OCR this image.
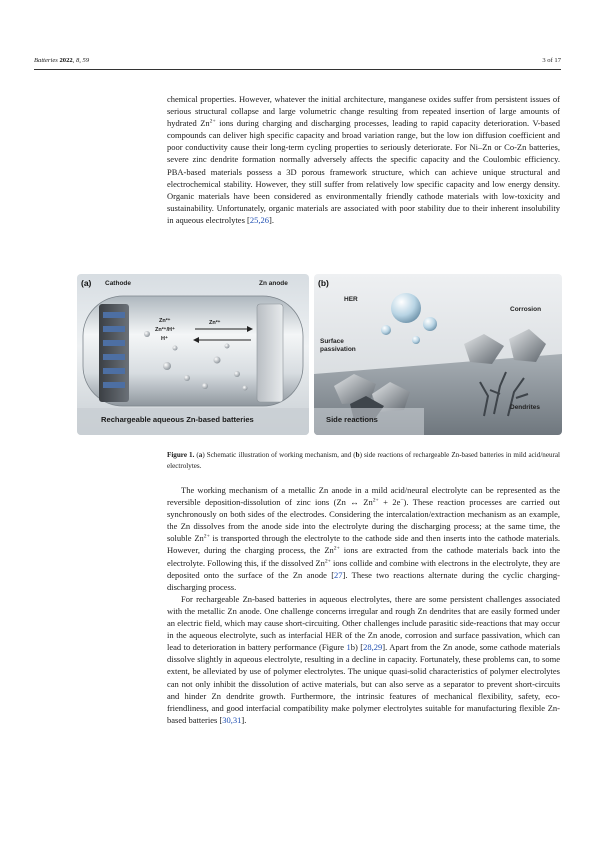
Batteries 2022, 8, 59	3 of 17

chemical properties. However, whatever the initial architecture, manganese oxides suffer from persistent issues of serious structural collapse and large volumetric change resulting from repeated insertion of large amounts of hydrated $Zn^{2+}$ ions during charging and discharging processes, leading to rapid capacity deterioration. V-based compounds can deliver high specific capacity and broad variation range, but the low ion diffusion coefficient and poor conductivity cause their long-term cycling properties to seriously deteriorate. For Ni–Zn or Co-Zn batteries, severe zinc dendrite formation normally adversely affects the specific capacity and the Coulombic efficiency. PBA-based materials possess a 3D porous framework structure, which can achieve unique structural and electrochemical stability. However, they still suffer from relatively low specific capacity and low energy density. Organic materials have been considered as environmentally friendly cathode materials with low-toxicity and sustainability. Unfortunately, organic materials are associated with poor stability due to their inherent insolubility in aqueous electrolytes [25,26].

(a) Cathode	Zn anode
Zn²⁺
Zn²⁺/H⁺
H⁺
Zn²⁺
Rechargeable aqueous Zn-based batteries
(b)
HER
Corrosion
Surface
passivation
Dendrites
Side reactions
Figure 1. (a) Schematic illustration of working mechanism, and (b) side reactions of rechargeable Zn-based batteries in mild acid/neural electrolytes.

The working mechanism of a metallic Zn anode in a mild acid/neural electrolyte can be represented as the reversible deposition-dissolution of zinc ions (Zn ↔ $Zn^{2+} + 2e^-$). These reaction processes are carried out synchronously on both sides of the electrodes. Considering the intercalation/extraction mechanism as an example, the Zn dissolves from the anode side into the electrolyte during the discharging process; at the same time, the soluble $Zn^{2+}$ is transported through the electrolyte to the cathode side and then inserts into the cathode materials. However, during the charging process, the $Zn^{2+}$ ions are extracted from the cathode materials back into the electrolyte. Following this, if the dissolved $Zn^{2+}$ ions collide and combine with electrons in the electrolyte, they are deposited onto the surface of the Zn anode [27]. These two reactions alternate during the cyclic charging-discharging process.

For rechargeable Zn-based batteries in aqueous electrolytes, there are some persistent challenges associated with the metallic Zn anode. One challenge concerns irregular and rough Zn dendrites that are easily formed under an electric field, which may cause short-circuiting. Other challenges include parasitic side-reactions that may occur in the aqueous electrolyte, such as interfacial HER of the Zn anode, corrosion and surface passivation, which can lead to deterioration in battery performance (Figure 1b) [28,29]. Apart from the Zn anode, some cathode materials dissolve slightly in aqueous electrolyte, resulting in a decline in capacity. Fortunately, these problems can, to some extent, be alleviated by use of polymer electrolytes. The unique quasi-solid characteristics of polymer electrolytes can not only inhibit the dissolution of active materials, but can also serve as a separator to prevent short-circuits and hinder Zn dendrite growth. Furthermore, the intrinsic features of mechanical flexibility, safety, eco-friendliness, and good interfacial compatibility make polymer electrolytes suitable for manufacturing flexible Zn-based batteries [30,31].
